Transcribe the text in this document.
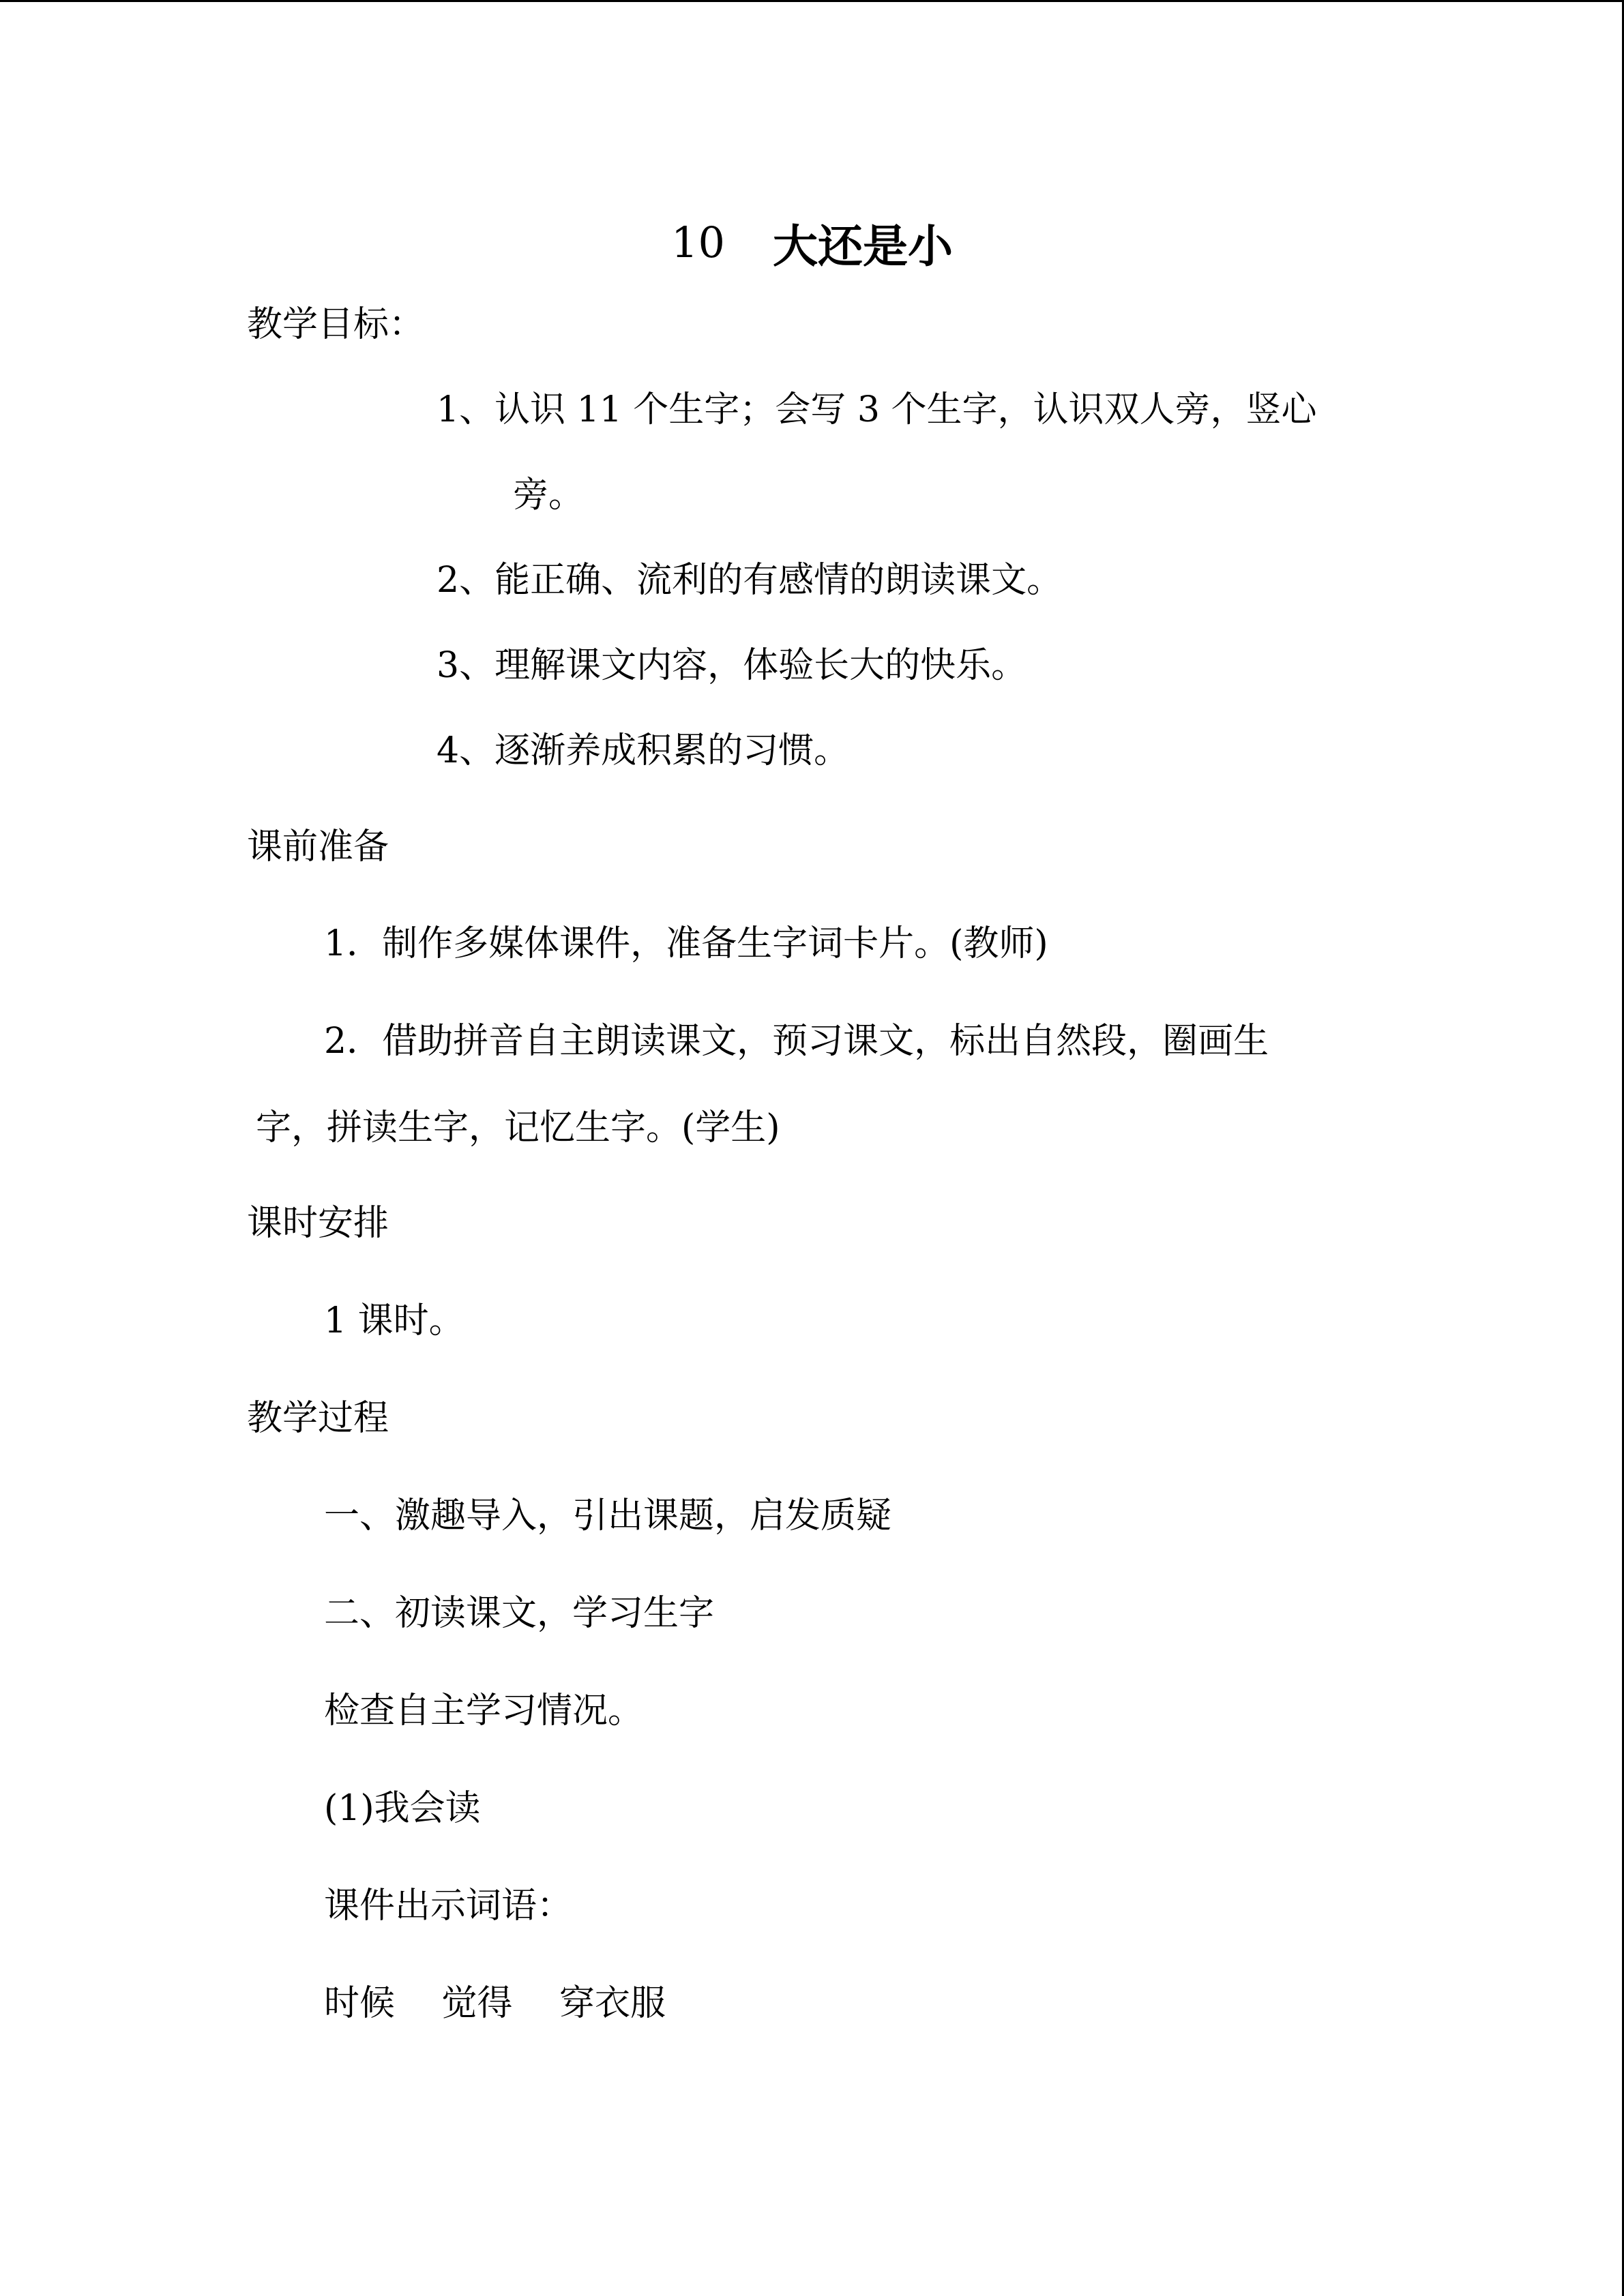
10 大还是小
教学目标：
1、认识 11 个生字；会写 3 个生字，认识双人旁，竖心
旁。
2、能正确、流利的有感情的朗读课文。
3、理解课文内容，体验长大的快乐。
4、逐渐养成积累的习惯。
课前准备
1．制作多媒体课件，准备生字词卡片。(教师)
2．借助拼音自主朗读课文，预习课文，标出自然段，圈画生
字，拼读生字，记忆生字。(学生)
课时安排
1 课时。
教学过程
一、激趣导入，引出课题，启发质疑
二、初读课文，学习生字
检查自主学习情况。
(1)我会读
课件出示词语：
时候　 觉得　 穿衣服
